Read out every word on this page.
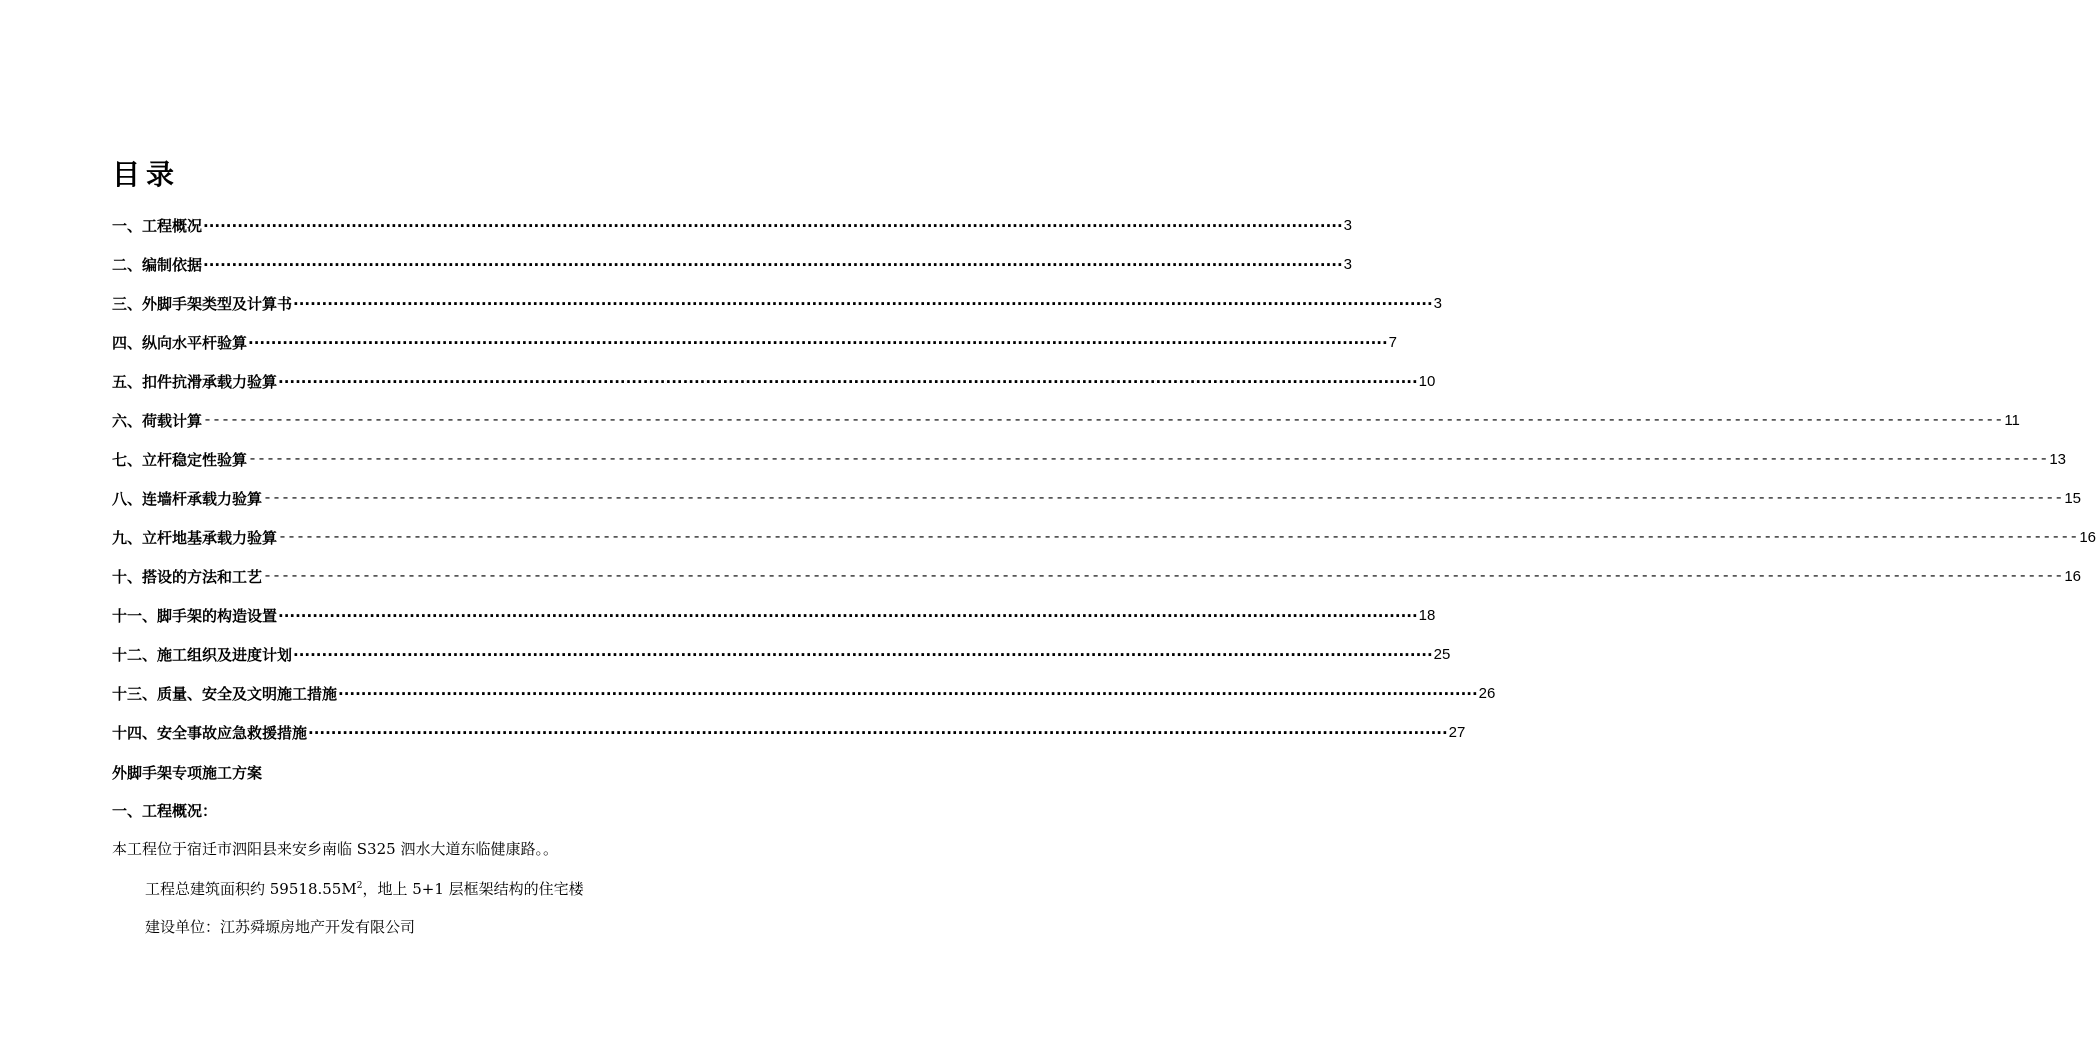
目录
一、工程概况 ········································································································································································································ 3
二、编制依据 ········································································································································································································ 3
三、外脚手架类型及计算书 ········································································································································································································ 3
四、纵向水平杆验算 ········································································································································································································ 7
五、扣件抗滑承载力验算 ········································································································································································································ 10
六、荷载计算 -------------------------------------------------------------------------------------------------------------------------------------------------------------------------------------------------------- 11
七、立杆稳定性验算 -------------------------------------------------------------------------------------------------------------------------------------------------------------------------------------------------------- 13
八、连墙杆承载力验算 -------------------------------------------------------------------------------------------------------------------------------------------------------------------------------------------------------- 15
九、立杆地基承载力验算 -------------------------------------------------------------------------------------------------------------------------------------------------------------------------------------------------------- 16
十、搭设的方法和工艺 -------------------------------------------------------------------------------------------------------------------------------------------------------------------------------------------------------- 16
十一、脚手架的构造设置 ········································································································································································································ 18
十二、施工组织及进度计划 ········································································································································································································ 25
十三、质量、安全及文明施工措施 ········································································································································································································ 26
十四、安全事故应急救援措施 ········································································································································································································ 27
外脚手架专项施工方案
一、工程概况：

本工程位于宿迁市泗阳县来安乡南临 S325 泗水大道东临健康路。。

工程总建筑面积约 $59518.55M^2$，地上 5+1 层框架结构的住宅楼

建设单位：江苏舜塬房地产开发有限公司
